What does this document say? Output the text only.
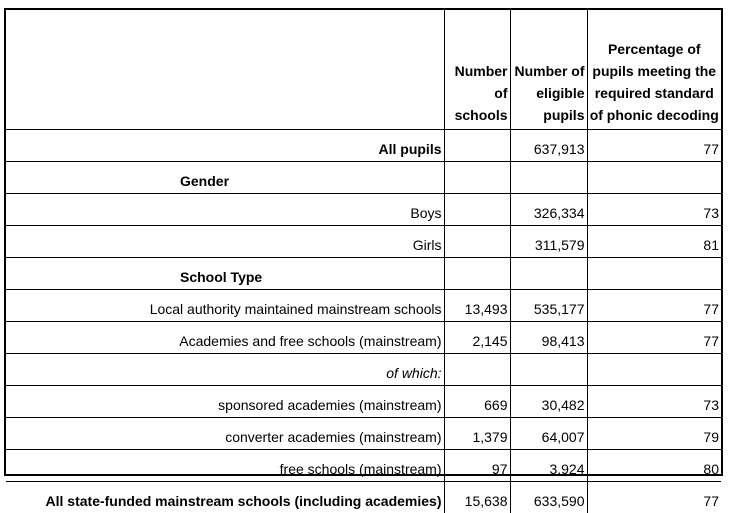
	Number of schools	Number of eligible pupils	Percentage of pupils meeting the required standard of phonic decoding
All pupils		637,913	77
Gender			
Boys		326,334	73
Girls		311,579	81
School Type			
Local authority maintained mainstream schools	13,493	535,177	77
Academies and free schools (mainstream)	2,145	98,413	77
of which:			
sponsored academies (mainstream)	669	30,482	73
converter academies (mainstream)	1,379	64,007	79
free schools (mainstream)	97	3,924	80
All state-funded mainstream schools (including academies)	15,638	633,590	77
